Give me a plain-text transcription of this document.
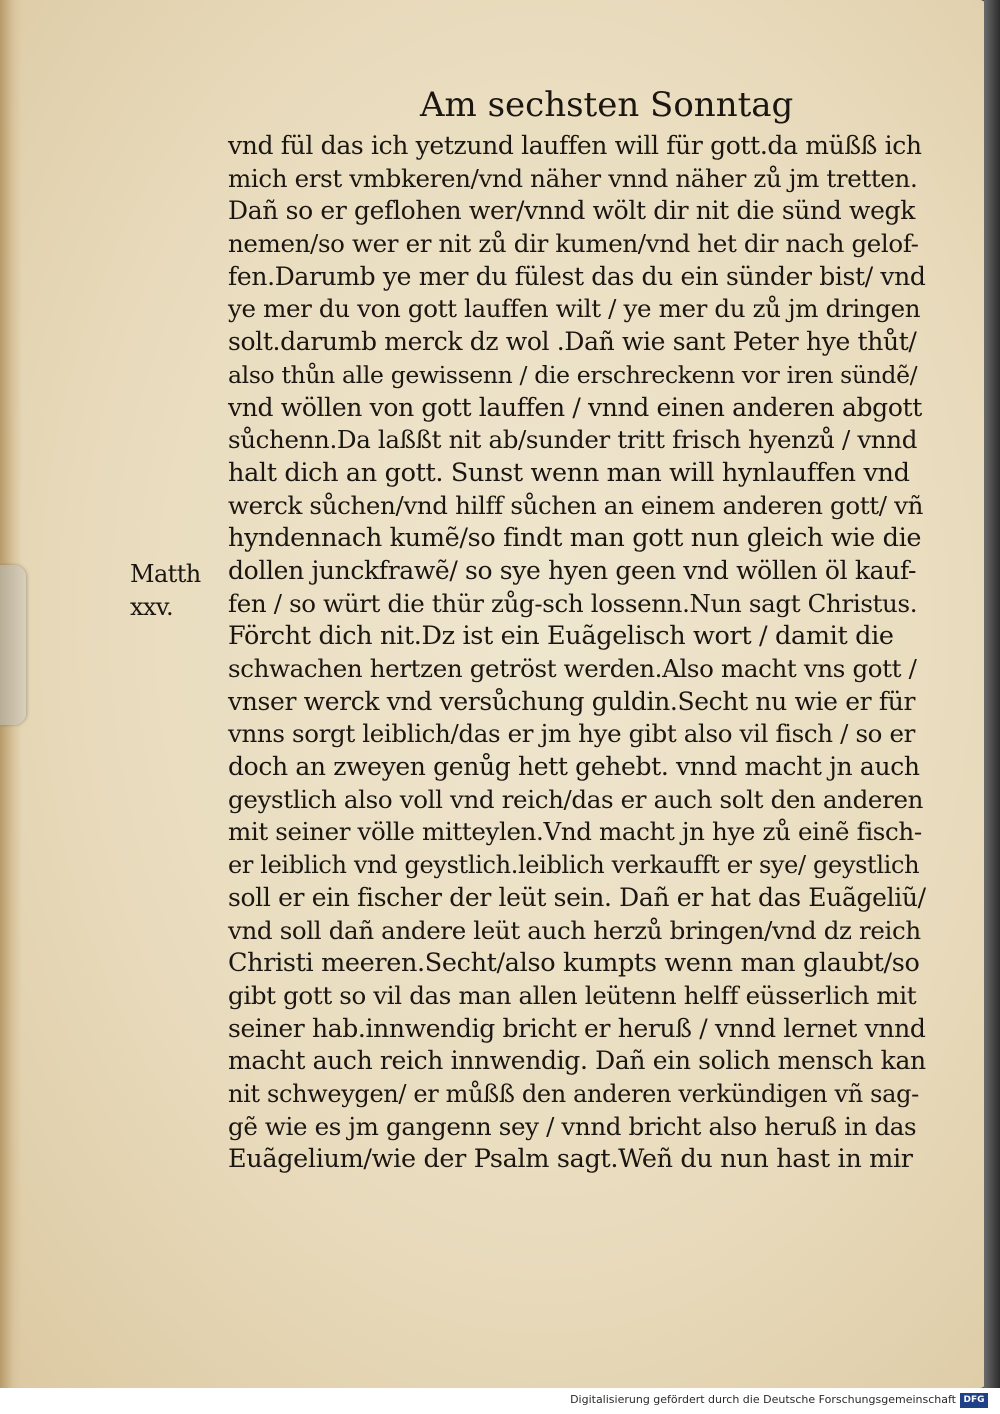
Am sechsten Sonntag
Matth
xxv.
vnd fül das ich yetzund lauffen will für gott.da müßß ich
mich erst vmbkeren/vnd näher vnnd näher zů jm tretten.
Dañ so er geflohen wer/vnnd wölt dir nit die sünd wegk
nemen/so wer er nit zů dir kumen/vnd het dir nach gelof-
fen.Darumb ye mer du fülest das du ein sünder bist/ vnd
ye mer du von gott lauffen wilt / ye mer du zů jm dringen
solt.darumb merck dz wol .Dañ wie sant Peter hye thůt/
also thůn alle gewissenn / die erschreckenn vor iren sündẽ/
vnd wöllen von gott lauffen / vnnd einen anderen abgott
sůchenn.Da laßßt nit ab/sunder tritt frisch hyenzů / vnnd
halt dich an gott. Sunst wenn man will hynlauffen vnd
werck sůchen/vnd hilff sůchen an einem anderen gott/ vñ
hyndennach kumẽ/so findt man gott nun gleich wie die
dollen junckfrawẽ/ so sye hyen geen vnd wöllen öl kauf-
fen / so würt die thür zůg-sch lossenn.Nun sagt Christus.
Förcht dich nit.Dz ist ein Euãgelisch wort / damit die
schwachen hertzen getröst werden.Also macht vns gott /
vnser werck vnd versůchung guldin.Secht nu wie er für
vnns sorgt leiblich/das er jm hye gibt also vil fisch / so er
doch an zweyen genůg hett gehebt. vnnd macht jn auch
geystlich also voll vnd reich/das er auch solt den anderen
mit seiner völle mitteylen.Vnd macht jn hye zů einẽ fisch-
er leiblich vnd geystlich.leiblich verkaufft er sye/ geystlich
soll er ein fischer der leüt sein. Dañ er hat das Euãgeliũ/
vnd soll dañ andere leüt auch herzů bringen/vnd dz reich
Christi meeren.Secht/also kumpts wenn man glaubt/so
gibt gott so vil das man allen leütenn helff eüsserlich mit
seiner hab.innwendig bricht er heruß / vnnd lernet vnnd
macht auch reich innwendig. Dañ ein solich mensch kan
nit schweygen/ er můßß den anderen verkündigen vñ sag-
gẽ wie es jm gangenn sey / vnnd bricht also heruß in das
Euãgelium/wie der Psalm sagt.Weñ du nun hast in mir
Digitalisierung gefördert durch die Deutsche Forschungsgemeinschaft DFG
